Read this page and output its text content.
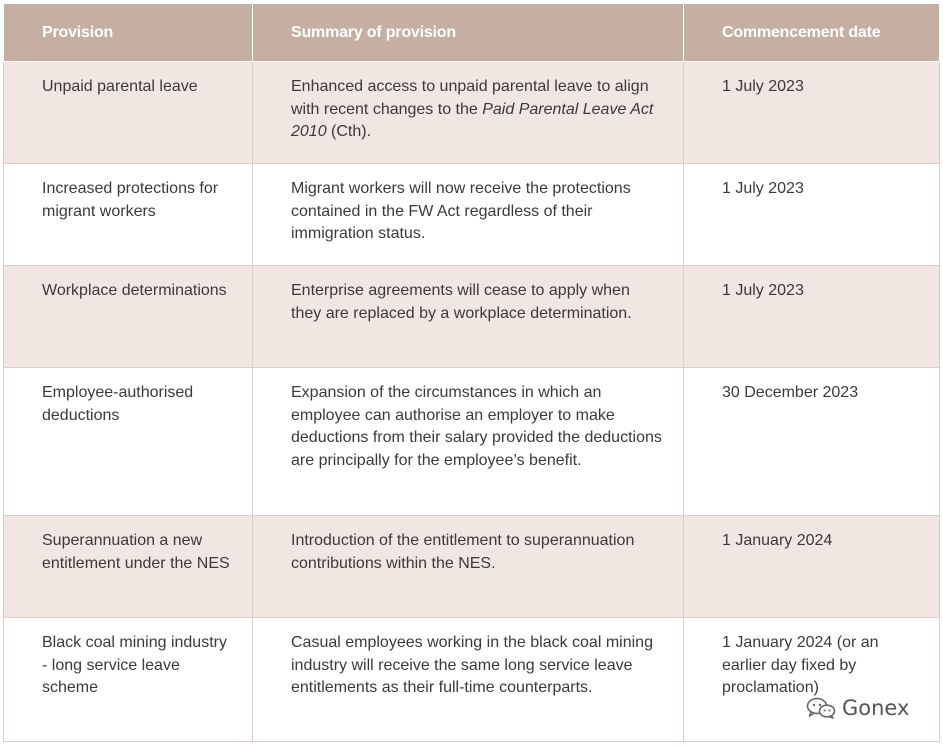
Provision	Summary of provision	Commencement date
Unpaid parental leave	Enhanced access to unpaid parental leave to align with recent changes to the Paid Parental Leave Act 2010 (Cth).	1 July 2023
Increased protections for migrant workers	Migrant workers will now receive the protections contained in the FW Act regardless of their immigration status.	1 July 2023
Workplace determinations	Enterprise agreements will cease to apply when they are replaced by a workplace determination.	1 July 2023
Employee-authorised deductions	Expansion of the circumstances in which an employee can authorise an employer to make deductions from their salary provided the deductions are principally for the employee’s benefit.	30 December 2023
Superannuation a new entitlement under the NES	Introduction of the entitlement to superannuation contributions within the NES.	1 January 2024
Black coal mining industry - long service leave scheme	Casual employees working in the black coal mining industry will receive the same long service leave entitlements as their full-time counterparts.	1 January 2024 (or an earlier day fixed by proclamation)
Gonex
